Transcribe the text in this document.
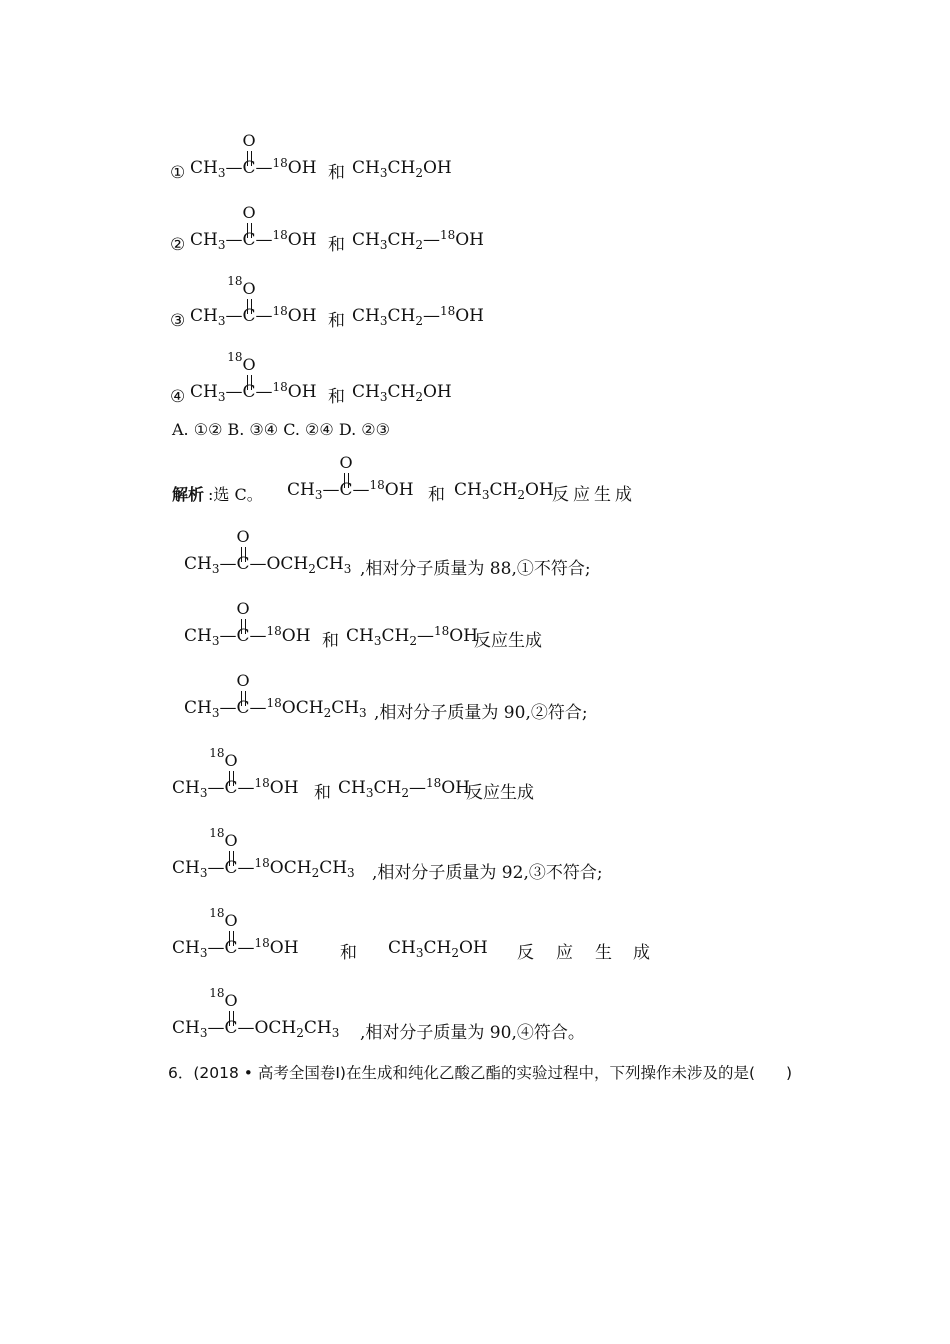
① $CH_3—C—^{18}OH$
O
和 $CH_3CH_2OH$
② $CH_3—C—^{18}OH$
O
和 $CH_3CH_2—^{18}OH$
③ $CH_3—C—^{18}OH$
18 O
和 $CH_3CH_2—^{18}OH$
④ $CH_3—C—^{18}OH$
18 O
和 $CH_3CH_2OH$
A. ①② B. ③④ C. ②④ D. ②③
解析 :选 C。 $CH_3—C—^{18}OH$
O
和 $CH_3CH_2OH$
反应生成
$CH_3—C—OCH_2CH_3$
O
,相对分子质量为 88,①不符合;
$CH_3—C—^{18}OH$
O
和 $CH_3CH_2—^{18}OH$
反应生成
$CH_3—C—^{18}OCH_2CH_3$
O
,相对分子质量为 90,②符合;
$CH_3—C—^{18}OH$
18 O
和 $CH_3CH_2—^{18}OH$
反应生成
$CH_3—C—^{18}OCH_2CH_3$
18 O
,相对分子质量为 92,③不符合;
$CH_3—C—^{18}OH$
18 O
和 $CH_3CH_2OH$ 反 应 生 成
$CH_3—C—OCH_2CH_3$
18 O
,相对分子质量为 90,④符合。
6．(2018 • 高考全国卷Ⅰ)在生成和纯化乙酸乙酯的实验过程中，下列操作未涉及的是(　　)
